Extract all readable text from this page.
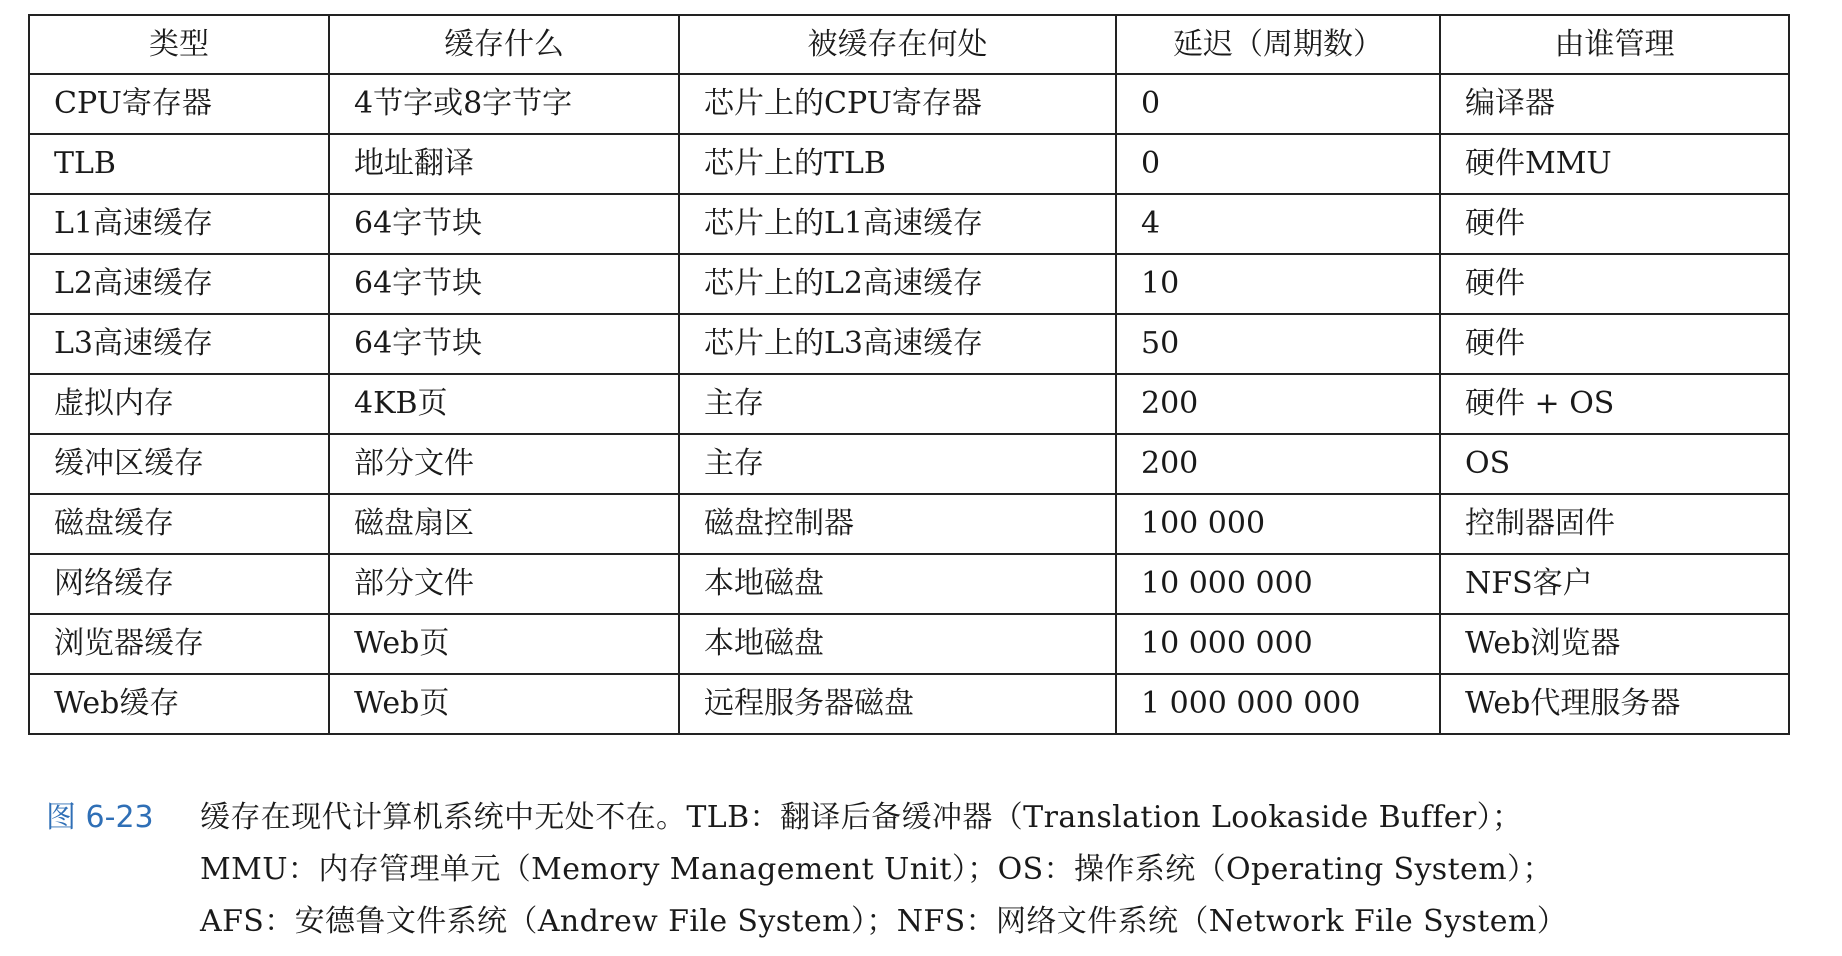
类型	缓存什么	被缓存在何处	延迟（周期数）	由谁管理
CPU寄存器	4节字或8字节字	芯片上的CPU寄存器	0	编译器
TLB	地址翻译	芯片上的TLB	0	硬件MMU
L1高速缓存	64字节块	芯片上的L1高速缓存	4	硬件
L2高速缓存	64字节块	芯片上的L2高速缓存	10	硬件
L3高速缓存	64字节块	芯片上的L3高速缓存	50	硬件
虚拟内存	4KB页	主存	200	硬件 + OS
缓冲区缓存	部分文件	主存	200	OS
磁盘缓存	磁盘扇区	磁盘控制器	100 000	控制器固件
网络缓存	部分文件	本地磁盘	10 000 000	NFS客户
浏览器缓存	Web页	本地磁盘	10 000 000	Web浏览器
Web缓存	Web页	远程服务器磁盘	1 000 000 000	Web代理服务器
图 6-23	缓存在现代计算机系统中无处不在。TLB：翻译后备缓冲器（Translation Lookaside Buffer）；
MMU：内存管理单元（Memory Management Unit）；OS：操作系统（Operating System）；
AFS：安德鲁文件系统（Andrew File System）；NFS：网络文件系统（Network File System）
